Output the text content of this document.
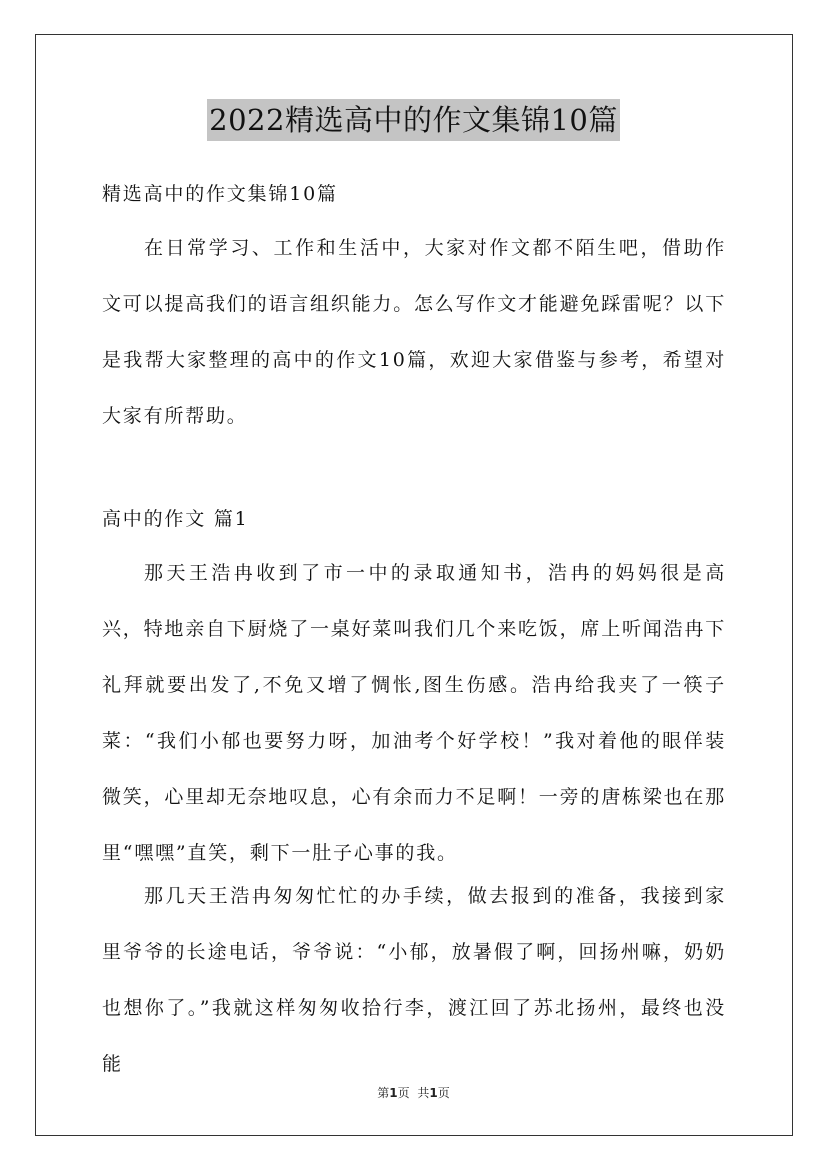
2022精选高中的作文集锦10篇
精选高中的作文集锦10篇
在日常学习、工作和生活中，大家对作文都不陌生吧，借助作文可以提高我们的语言组织能力。怎么写作文才能避免踩雷呢？以下是我帮大家整理的高中的作文10篇，欢迎大家借鉴与参考，希望对大家有所帮助。
高中的作文 篇1
那天王浩冉收到了市一中的录取通知书，浩冉的妈妈很是高兴，特地亲自下厨烧了一桌好菜叫我们几个来吃饭，席上听闻浩冉下礼拜就要出发了,不免又增了惆怅,图生伤感。浩冉给我夹了一筷子菜：“我们小郁也要努力呀，加油考个好学校！”我对着他的眼佯装微笑，心里却无奈地叹息，心有余而力不足啊！一旁的唐栋梁也在那里“嘿嘿”直笑，剩下一肚子心事的我。
那几天王浩冉匆匆忙忙的办手续，做去报到的准备，我接到家里爷爷的长途电话，爷爷说：“小郁，放暑假了啊，回扬州嘛，奶奶也想你了。”我就这样匆匆收拾行李，渡江回了苏北扬州，最终也没能
第1页 共1页
